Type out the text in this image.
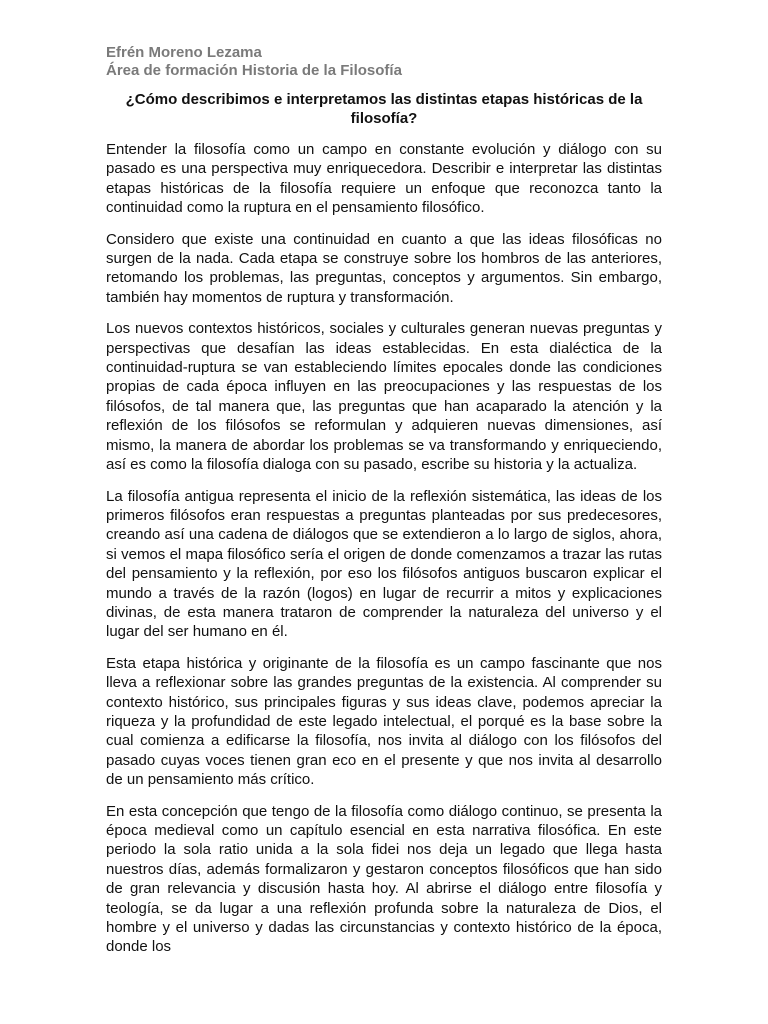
Efrén Moreno Lezama
Área de formación Historia de la Filosofía
¿Cómo describimos e interpretamos las distintas etapas históricas de la filosofía?

Entender la filosofía como un campo en constante evolución y diálogo con su pasado es una perspectiva muy enriquecedora. Describir e interpretar las distintas etapas históricas de la filosofía requiere un enfoque que reconozca tanto la continuidad como la ruptura en el pensamiento filosófico.

Considero que existe una continuidad en cuanto a que las ideas filosóficas no surgen de la nada. Cada etapa se construye sobre los hombros de las anteriores, retomando los problemas, las preguntas, conceptos y argumentos. Sin embargo, también hay momentos de ruptura y transformación.

Los nuevos contextos históricos, sociales y culturales generan nuevas preguntas y perspectivas que desafían las ideas establecidas. En esta dialéctica de la continuidad-ruptura se van estableciendo límites epocales donde las condiciones propias de cada época influyen en las preocupaciones y las respuestas de los filósofos, de tal manera que, las preguntas que han acaparado la atención y la reflexión de los filósofos se reformulan y adquieren nuevas dimensiones, así mismo, la manera de abordar los problemas se va transformando y enriqueciendo, así es como la filosofía dialoga con su pasado, escribe su historia y la actualiza.

La filosofía antigua representa el inicio de la reflexión sistemática, las ideas de los primeros filósofos eran respuestas a preguntas planteadas por sus predecesores, creando así una cadena de diálogos que se extendieron a lo largo de siglos, ahora, si vemos el mapa filosófico sería el origen de donde comenzamos a trazar las rutas del pensamiento y la reflexión, por eso los filósofos antiguos buscaron explicar el mundo a través de la razón (logos) en lugar de recurrir a mitos y explicaciones divinas, de esta manera trataron de comprender la naturaleza del universo y el lugar del ser humano en él.

Esta etapa histórica y originante de la filosofía es un campo fascinante que nos lleva a reflexionar sobre las grandes preguntas de la existencia. Al comprender su contexto histórico, sus principales figuras y sus ideas clave, podemos apreciar la riqueza y la profundidad de este legado intelectual, el porqué es la base sobre la cual comienza a edificarse la filosofía, nos invita al diálogo con los filósofos del pasado cuyas voces tienen gran eco en el presente y que nos invita al desarrollo de un pensamiento más crítico.

En esta concepción que tengo de la filosofía como diálogo continuo, se presenta la época medieval como un capítulo esencial en esta narrativa filosófica. En este periodo la sola ratio unida a la sola fidei nos deja un legado que llega hasta nuestros días, además formalizaron y gestaron conceptos filosóficos que han sido de gran relevancia y discusión hasta hoy. Al abrirse el diálogo entre filosofía y teología, se da lugar a una reflexión profunda sobre la naturaleza de Dios, el hombre y el universo y dadas las circunstancias y contexto histórico de la época, donde los
